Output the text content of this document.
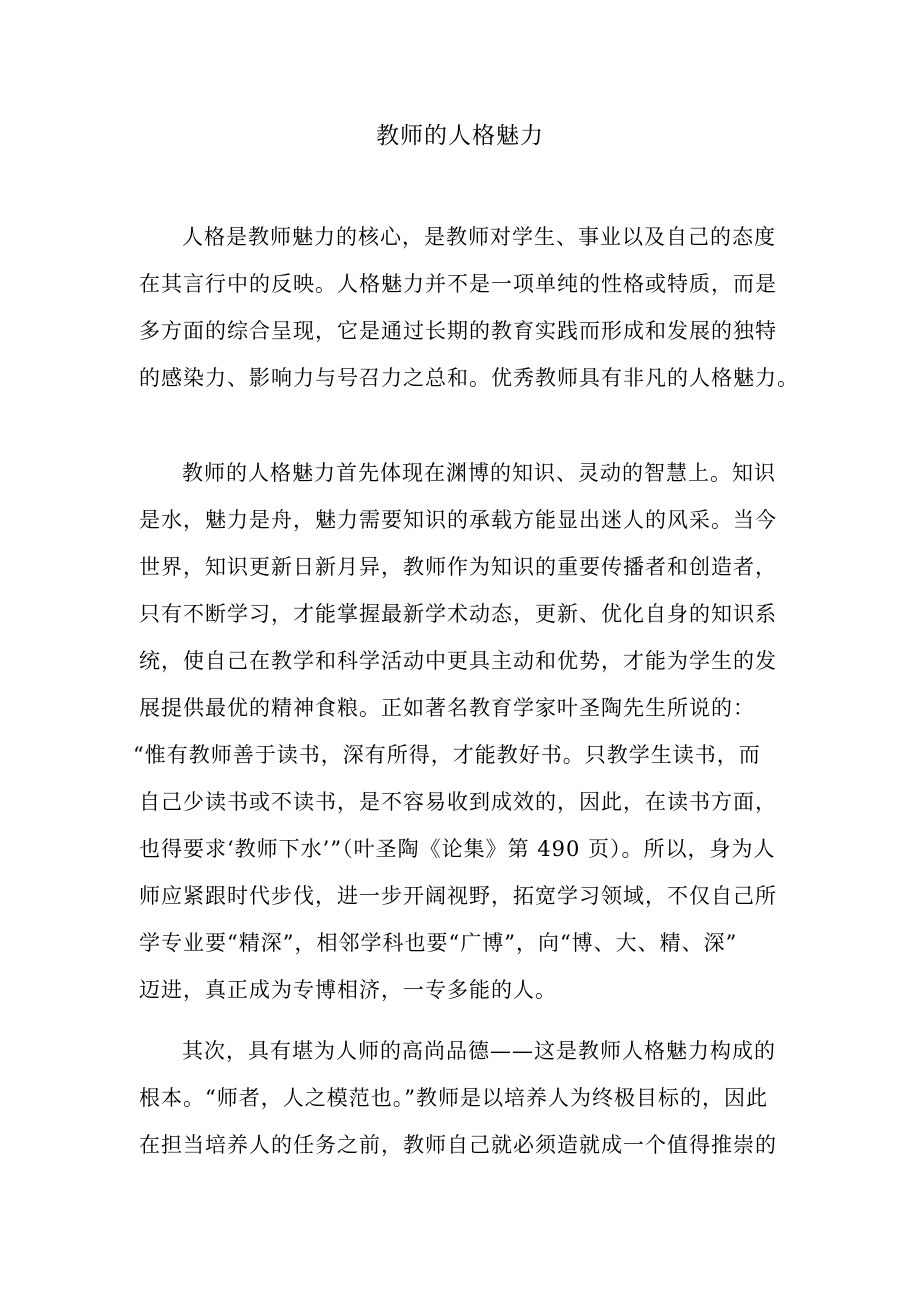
教师的人格魅力
人格是教师魅力的核心，是教师对学生、事业以及自己的态度
在其言行中的反映。人格魅力并不是一项单纯的性格或特质，而是
多方面的综合呈现，它是通过长期的教育实践而形成和发展的独特
的感染力、影响力与号召力之总和。优秀教师具有非凡的人格魅力。
教师的人格魅力首先体现在渊博的知识、灵动的智慧上。知识
是水，魅力是舟，魅力需要知识的承载方能显出迷人的风采。当今
世界，知识更新日新月异，教师作为知识的重要传播者和创造者，
只有不断学习，才能掌握最新学术动态，更新、优化自身的知识系
统，使自己在教学和科学活动中更具主动和优势，才能为学生的发
展提供最优的精神食粮。正如著名教育学家叶圣陶先生所说的：
“惟有教师善于读书，深有所得，才能教好书。只教学生读书，而
自己少读书或不读书，是不容易收到成效的，因此，在读书方面，
也得要求‘教师下水’”（叶圣陶《论集》第 490 页）。所以，身为人
师应紧跟时代步伐，进一步开阔视野，拓宽学习领域，不仅自己所
学专业要“精深”，相邻学科也要“广博”，向“博、大、精、深”
迈进，真正成为专博相济，一专多能的人。
其次，具有堪为人师的高尚品德——这是教师人格魅力构成的
根本。“师者，人之模范也。”教师是以培养人为终极目标的，因此
在担当培养人的任务之前，教师自己就必须造就成一个值得推崇的
